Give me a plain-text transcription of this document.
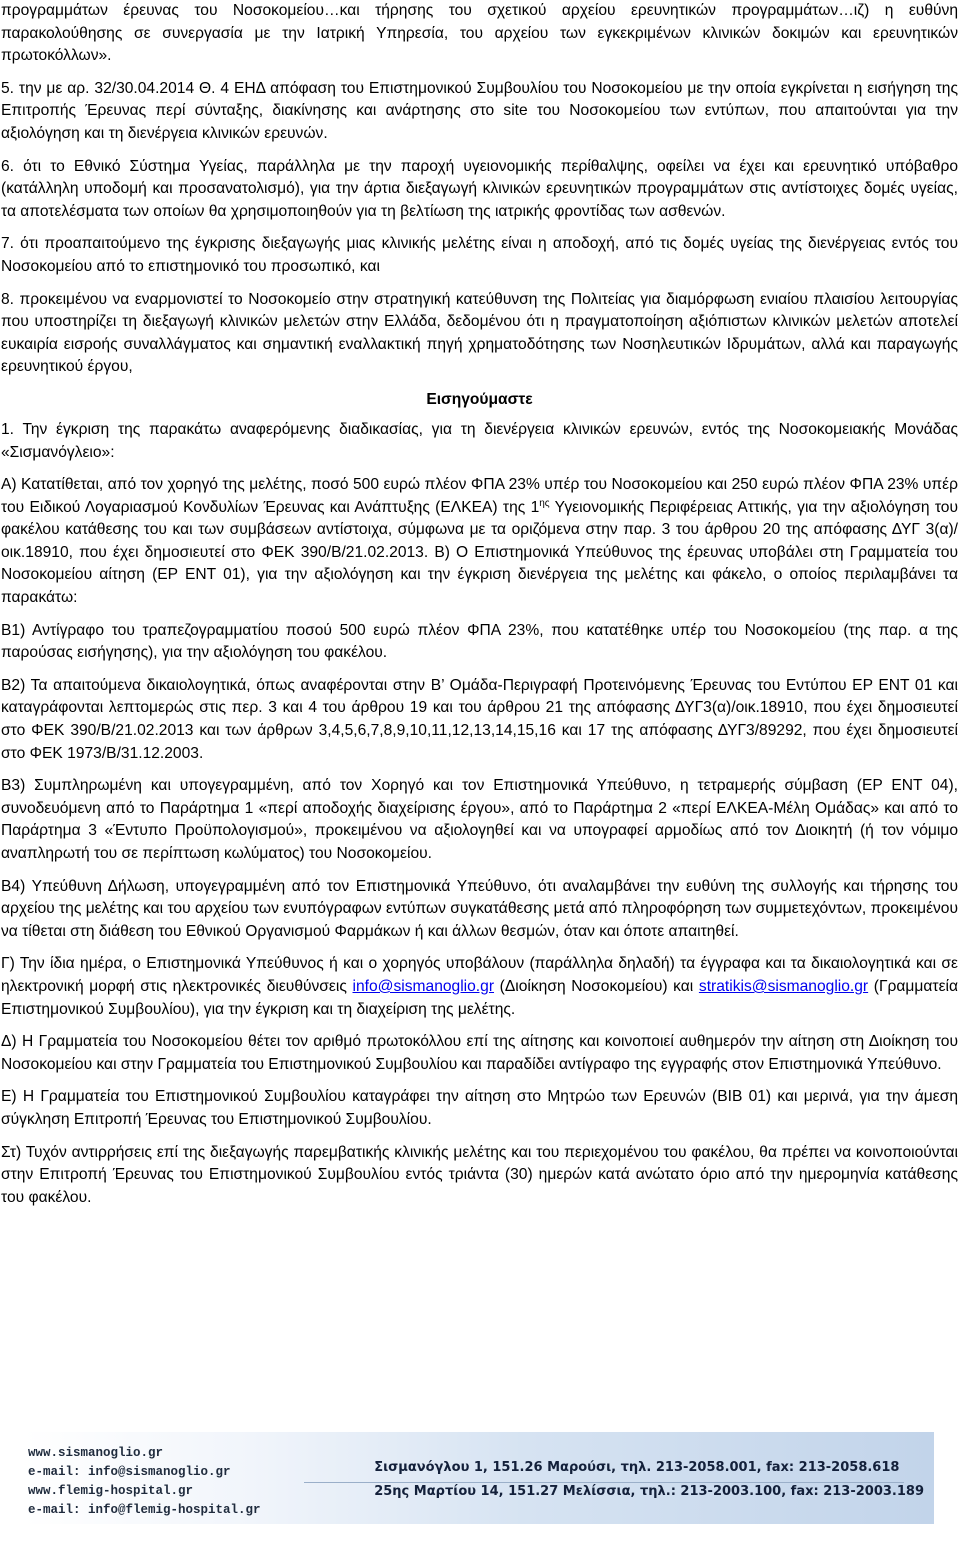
προγραμμάτων έρευνας του Νοσοκομείου…και τήρησης του σχετικού αρχείου ερευνητικών προγραμμάτων…ιζ) η ευθύνη παρακολούθησης σε συνεργασία με την Ιατρική Υπηρεσία, του αρχείου των εγκεκριμένων κλινικών δοκιμών και ερευνητικών πρωτοκόλλων».

5. την με αρ. 32/30.04.2014 Θ. 4 ΕΗΔ απόφαση του Επιστημονικού Συμβουλίου του Νοσοκομείου με την οποία εγκρίνεται η εισήγηση της Επιτροπής Έρευνας περί σύνταξης, διακίνησης και ανάρτησης στο site του Νοσοκομείου των εντύπων, που απαιτούνται για την αξιολόγηση και τη διενέργεια κλινικών ερευνών.

6. ότι το Εθνικό Σύστημα Υγείας, παράλληλα με την παροχή υγειονομικής περίθαλψης, οφείλει να έχει και ερευνητικό υπόβαθρο (κατάλληλη υποδομή και προσανατολισμό), για την άρτια διεξαγωγή κλινικών ερευνητικών προγραμμάτων στις αντίστοιχες δομές υγείας, τα αποτελέσματα των οποίων θα χρησιμοποιηθούν για τη βελτίωση της ιατρικής φροντίδας των ασθενών.

7. ότι προαπαιτούμενο της έγκρισης διεξαγωγής μιας κλινικής μελέτης είναι η αποδοχή, από τις δομές υγείας της διενέργειας εντός του Νοσοκομείου από το επιστημονικό του προσωπικό, και

8. προκειμένου να εναρμονιστεί το Νοσοκομείο στην στρατηγική κατεύθυνση της Πολιτείας για διαμόρφωση ενιαίου πλαισίου λειτουργίας που υποστηρίζει τη διεξαγωγή κλινικών μελετών στην Ελλάδα, δεδομένου ότι η πραγματοποίηση αξιόπιστων κλινικών μελετών αποτελεί ευκαιρία εισροής συναλλάγματος και σημαντική εναλλακτική πηγή χρηματοδότησης των Νοσηλευτικών Ιδρυμάτων, αλλά και παραγωγής ερευνητικού έργου,

Εισηγούμαστε

1. Την έγκριση της παρακάτω αναφερόμενης διαδικασίας, για τη διενέργεια κλινικών ερευνών, εντός της Νοσοκομειακής Μονάδας «Σισμανόγλειο»:

Α) Κατατίθεται, από τον χορηγό της μελέτης, ποσό 500 ευρώ πλέον ΦΠΑ 23% υπέρ του Νοσοκομείου και 250 ευρώ πλέον ΦΠΑ 23% υπέρ του Ειδικού Λογαριασμού Κονδυλίων Έρευνας και Ανάπτυξης (ΕΛΚΕΑ) της $1^{\eta\varsigma}$ Υγειονομικής Περιφέρειας Αττικής, για την αξιολόγηση του φακέλου κατάθεσης του και των συμβάσεων αντίστοιχα, σύμφωνα με τα οριζόμενα στην παρ. 3 του άρθρου 20 της απόφασης ΔΥΓ 3(α)/οικ.18910, που έχει δημοσιευτεί στο ΦΕΚ 390/Β/21.02.2013. Β) Ο Επιστημονικά Υπεύθυνος της έρευνας υποβάλει στη Γραμματεία του Νοσοκομείου αίτηση (ΕΡ ΕΝΤ 01), για την αξιολόγηση και την έγκριση διενέργεια της μελέτης και φάκελο, ο οποίος περιλαμβάνει τα παρακάτω:

Β1) Αντίγραφο του τραπεζογραμματίου ποσού 500 ευρώ πλέον ΦΠΑ 23%, που κατατέθηκε υπέρ του Νοσοκομείου (της παρ. α της παρούσας εισήγησης), για την αξιολόγηση του φακέλου.

Β2) Τα απαιτούμενα δικαιολογητικά, όπως αναφέρονται στην Β’ Ομάδα-Περιγραφή Προτεινόμενης Έρευνας του Εντύπου ΕΡ ΕΝΤ 01 και καταγράφονται λεπτομερώς στις περ. 3 και 4 του άρθρου 19 και του άρθρου 21 της απόφασης ΔΥΓ3(α)/οικ.18910, που έχει δημοσιευτεί στο ΦΕΚ 390/Β/21.02.2013 και των άρθρων 3,4,5,6,7,8,9,10,11,12,13,14,15,16 και 17 της απόφασης ΔΥΓ3/89292, που έχει δημοσιευτεί στο ΦΕΚ 1973/Β/31.12.2003.

Β3) Συμπληρωμένη και υπογεγραμμένη, από τον Χορηγό και τον Επιστημονικά Υπεύθυνο, η τετραμερής σύμβαση (ΕΡ ΕΝΤ 04), συνοδευόμενη από το Παράρτημα 1 «περί αποδοχής διαχείρισης έργου», από το Παράρτημα 2 «περί ΕΛΚΕΑ-Μέλη Ομάδας» και από το Παράρτημα 3 «Έντυπο Προϋπολογισμού», προκειμένου να αξιολογηθεί και να υπογραφεί αρμοδίως από τον Διοικητή (ή τον νόμιμο αναπληρωτή του σε περίπτωση κωλύματος) του Νοσοκομείου.

Β4) Υπεύθυνη Δήλωση, υπογεγραμμένη από τον Επιστημονικά Υπεύθυνο, ότι αναλαμβάνει την ευθύνη της συλλογής και τήρησης του αρχείου της μελέτης και του αρχείου των ενυπόγραφων εντύπων συγκατάθεσης μετά από πληροφόρηση των συμμετεχόντων, προκειμένου να τίθεται στη διάθεση του Εθνικού Οργανισμού Φαρμάκων ή και άλλων θεσμών, όταν και όποτε απαιτηθεί.

Γ) Την ίδια ημέρα, ο Επιστημονικά Υπεύθυνος ή και ο χορηγός υποβάλουν (παράλληλα δηλαδή) τα έγγραφα και τα δικαιολογητικά και σε ηλεκτρονική μορφή στις ηλεκτρονικές διευθύνσεις info@sismanoglio.gr (Διοίκηση Νοσοκομείου) και stratikis@sismanoglio.gr (Γραμματεία Επιστημονικού Συμβουλίου), για την έγκριση και τη διαχείριση της μελέτης.

Δ) Η Γραμματεία του Νοσοκομείου θέτει τον αριθμό πρωτοκόλλου επί της αίτησης και κοινοποιεί αυθημερόν την αίτηση στη Διοίκηση του Νοσοκομείου και στην Γραμματεία του Επιστημονικού Συμβουλίου και παραδίδει αντίγραφο της εγγραφής στον Επιστημονικά Υπεύθυνο.

Ε) Η Γραμματεία του Επιστημονικού Συμβουλίου καταγράφει την αίτηση στο Μητρώο των Ερευνών (ΒΙΒ 01) και μερινά, για την άμεση σύγκληση Επιτροπή Έρευνας του Επιστημονικού Συμβουλίου.

Στ) Τυχόν αντιρρήσεις επί της διεξαγωγής παρεμβατικής κλινικής μελέτης και του περιεχομένου του φακέλου, θα πρέπει να κοινοποιούνται στην Επιτροπή Έρευνας του Επιστημονικού Συμβουλίου εντός τριάντα (30) ημερών κατά ανώτατο όριο από την ημερομηνία κατάθεσης του φακέλου.

www.sismanoglio.gr
e-mail: info@sismanoglio.gr
www.flemig-hospital.gr
e-mail: info@flemig-hospital.gr
Σισμανόγλου 1, 151.26 Μαρούσι, τηλ. 213-2058.001, fax: 213-2058.618
25ης Μαρτίου 14, 151.27 Μελίσσια, τηλ.: 213-2003.100, fax: 213-2003.189
